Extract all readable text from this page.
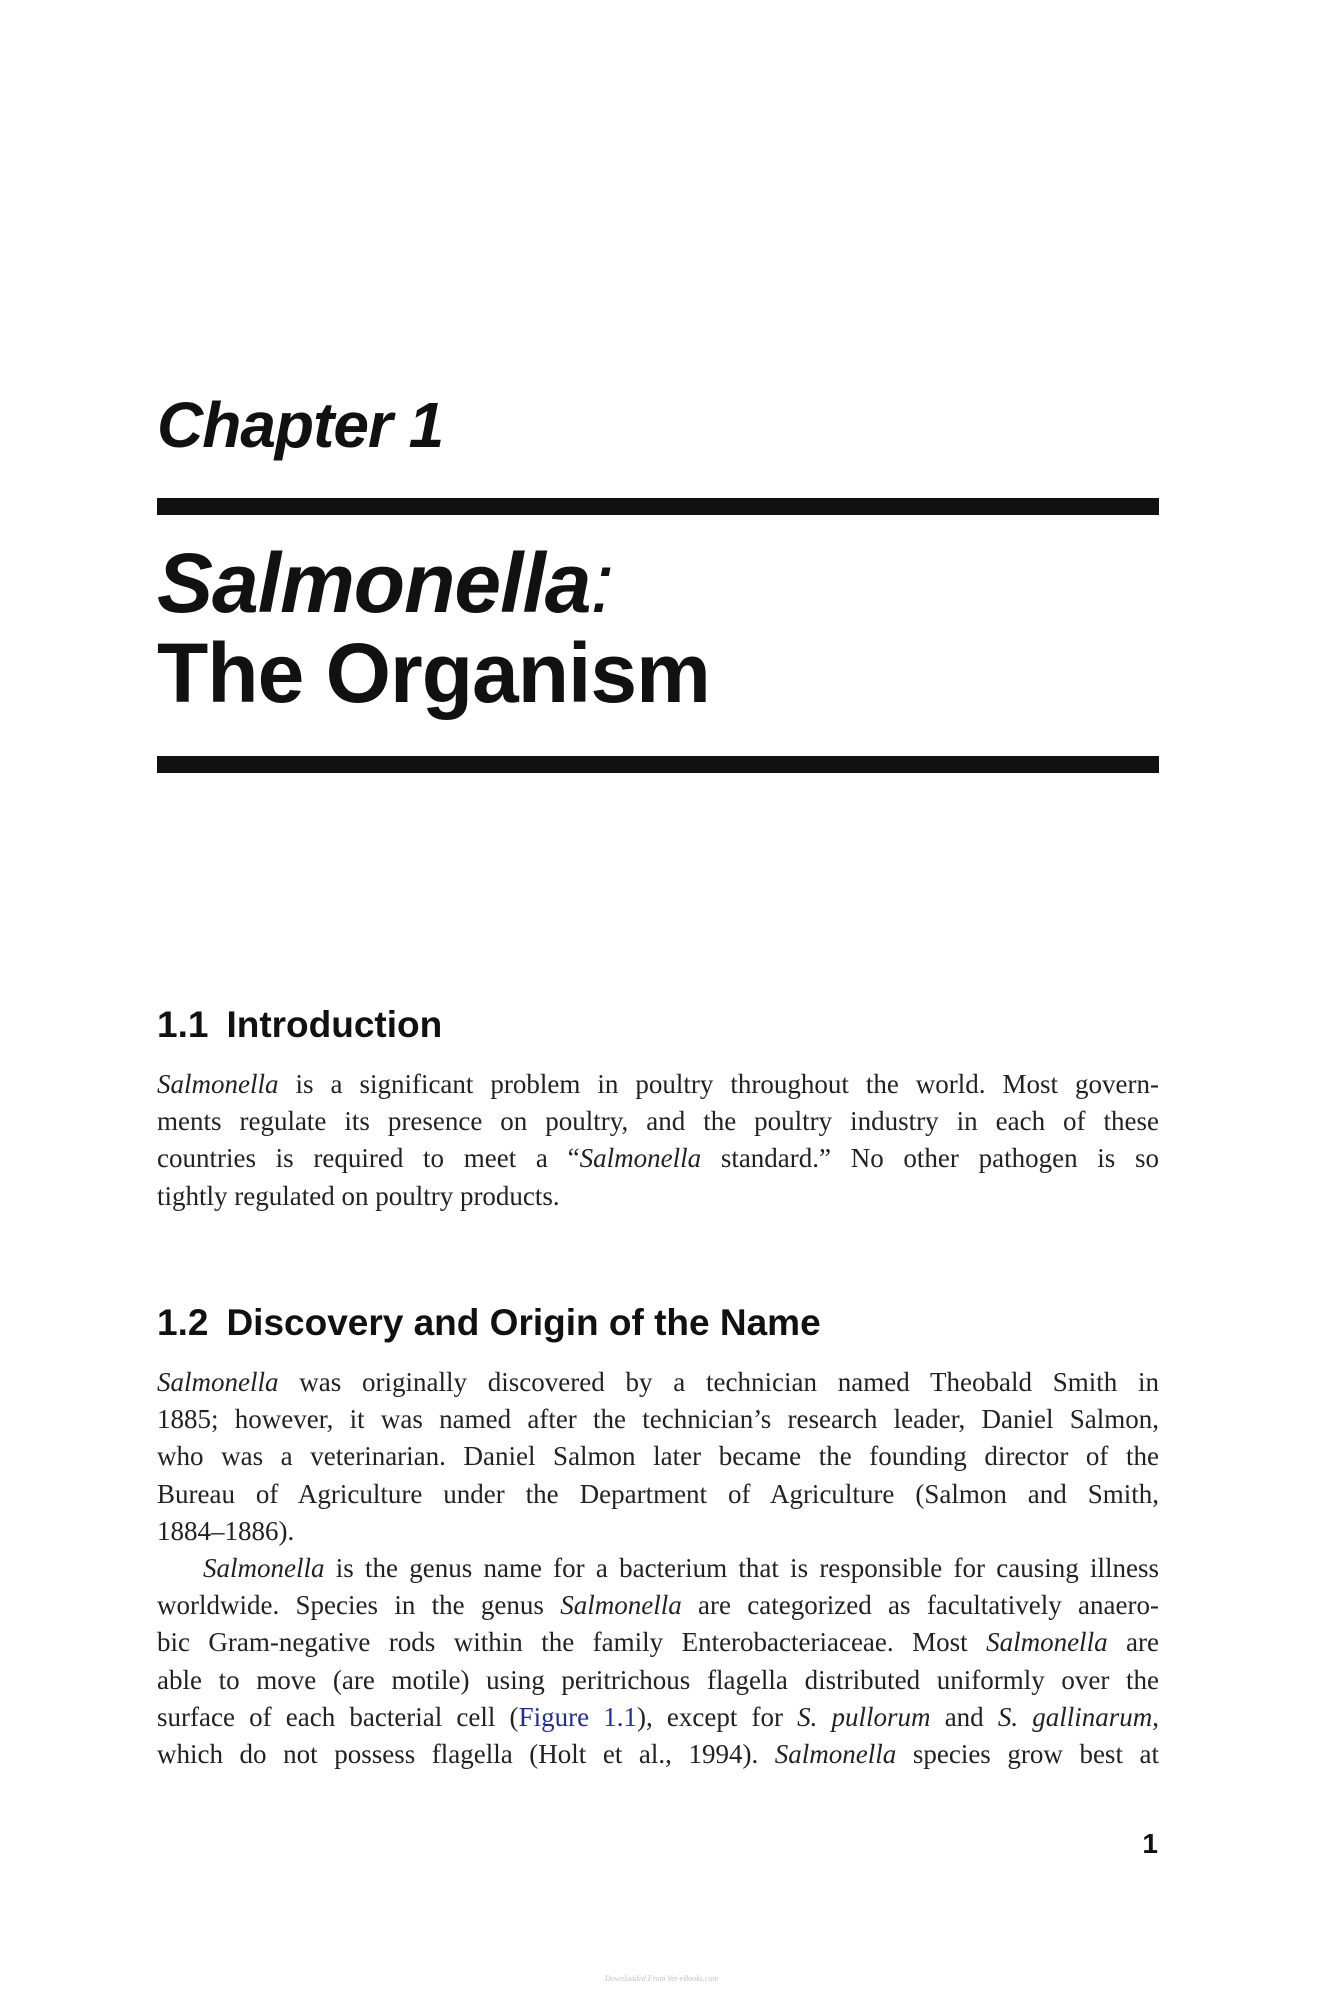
Chapter 1
Salmonella:
The Organism
1.1 Introduction
Salmonella is a significant problem in poultry throughout the world. Most govern-
ments regulate its presence on poultry, and the poultry industry in each of these
countries is required to meet a “Salmonella standard.” No other pathogen is so
tightly regulated on poultry products.
1.2 Discovery and Origin of the Name
Salmonella was originally discovered by a technician named Theobald Smith in
1885; however, it was named after the technician’s research leader, Daniel Salmon,
who was a veterinarian. Daniel Salmon later became the founding director of the
Bureau of Agriculture under the Department of Agriculture (Salmon and Smith,
1884–1886).
Salmonella is the genus name for a bacterium that is responsible for causing illness
worldwide. Species in the genus Salmonella are categorized as facultatively anaero-
bic Gram-negative rods within the family Enterobacteriaceae. Most Salmonella are
able to move (are motile) using peritrichous flagella distributed uniformly over the
surface of each bacterial cell (Figure 1.1), except for S. pullorum and S. gallinarum,
which do not possess flagella (Holt et al., 1994). Salmonella species grow best at
1
Downloaded From Vet-eBooks.com
